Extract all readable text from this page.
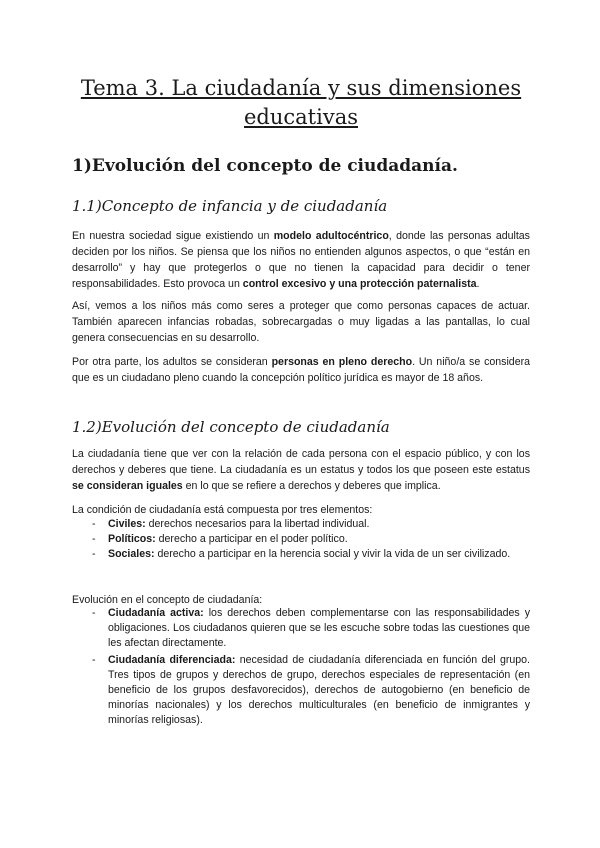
Tema 3. La ciudadanía y sus dimensiones educativas
1)Evolución del concepto de ciudadanía.
1.1)Concepto de infancia y de ciudadanía

En nuestra sociedad sigue existiendo un modelo adultocéntrico, donde las personas adultas deciden por los niños. Se piensa que los niños no entienden algunos aspectos, o que “están en desarrollo” y hay que protegerlos o que no tienen la capacidad para decidir o tener responsabilidades. Esto provoca un control excesivo y una protección paternalista.

Así, vemos a los niños más como seres a proteger que como personas capaces de actuar. También aparecen infancias robadas, sobrecargadas o muy ligadas a las pantallas, lo cual genera consecuencias en su desarrollo.

Por otra parte, los adultos se consideran personas en pleno derecho. Un niño/a se considera que es un ciudadano pleno cuando la concepción político jurídica es mayor de 18 años.

1.2)Evolución del concepto de ciudadanía

La ciudadanía tiene que ver con la relación de cada persona con el espacio público, y con los derechos y deberes que tiene. La ciudadanía es un estatus y todos los que poseen este estatus se consideran iguales en lo que se refiere a derechos y deberes que implica.

La condición de ciudadanía está compuesta por tres elementos:

- Civiles: derechos necesarios para la libertad individual.
- Políticos: derecho a participar en el poder político.
- Sociales: derecho a participar en la herencia social y vivir la vida de un ser civilizado.

Evolución en el concepto de ciudadanía:

- Ciudadanía activa: los derechos deben complementarse con las responsabilidades y obligaciones. Los ciudadanos quieren que se les escuche sobre todas las cuestiones que les afectan directamente.
- Ciudadanía diferenciada: necesidad de ciudadanía diferenciada en función del grupo. Tres tipos de grupos y derechos de grupo, derechos especiales de representación (en beneficio de los grupos desfavorecidos), derechos de autogobierno (en beneficio de minorías nacionales) y los derechos multiculturales (en beneficio de inmigrantes y minorías religiosas).
